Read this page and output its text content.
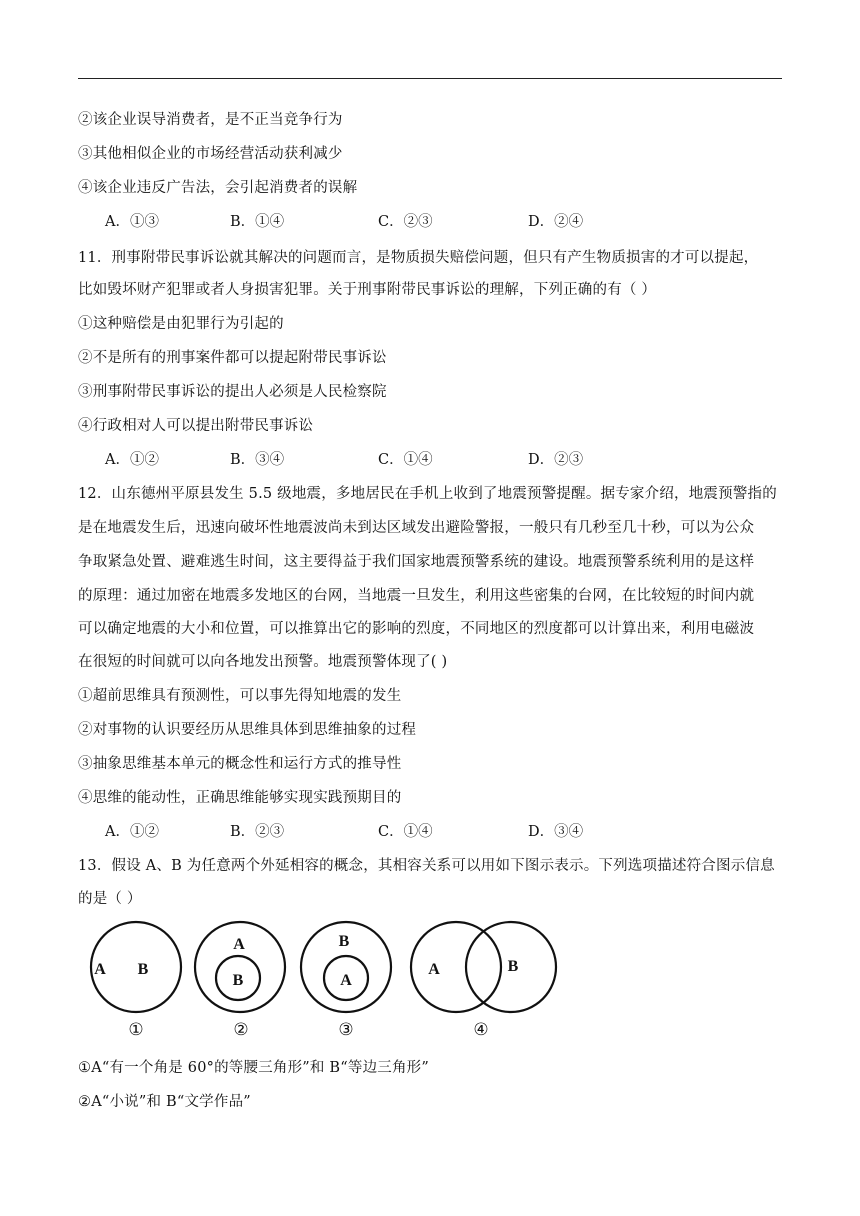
②该企业误导消费者，是不正当竞争行为
③其他相似企业的市场经营活动获利减少
④该企业违反广告法，会引起消费者的误解
A．①③	B．①④	C．②③	D．②④
11．刑事附带民事诉讼就其解决的问题而言，是物质损失赔偿问题，但只有产生物质损害的才可以提起，
比如毁坏财产犯罪或者人身损害犯罪。关于刑事附带民事诉讼的理解，下列正确的有（ ）
①这种赔偿是由犯罪行为引起的
②不是所有的刑事案件都可以提起附带民事诉讼
③刑事附带民事诉讼的提出人必须是人民检察院
④行政相对人可以提出附带民事诉讼
A．①②	B．③④	C．①④	D．②③
12．山东德州平原县发生 5.5 级地震，多地居民在手机上收到了地震预警提醒。据专家介绍，地震预警指的
是在地震发生后，迅速向破坏性地震波尚未到达区域发出避险警报，一般只有几秒至几十秒，可以为公众
争取紧急处置、避难逃生时间，这主要得益于我们国家地震预警系统的建设。地震预警系统利用的是这样
的原理：通过加密在地震多发地区的台网，当地震一旦发生，利用这些密集的台网，在比较短的时间内就
可以确定地震的大小和位置，可以推算出它的影响的烈度，不同地区的烈度都可以计算出来，利用电磁波
在很短的时间就可以向各地发出预警。地震预警体现了( )
①超前思维具有预测性，可以事先得知地震的发生
②对事物的认识要经历从思维具体到思维抽象的过程
③抽象思维基本单元的概念性和运行方式的推导性
④思维的能动性，正确思维能够实现实践预期目的
A．①②	B．②③	C．①④	D．③④
13．假设 A、B 为任意两个外延相容的概念，其相容关系可以用如下图示表示。下列选项描述符合图示信息
的是（ ）
A B
A
B
B
A
A	B
①	②	③	④
①A“有一个角是 60°的等腰三角形”和 B“等边三角形”
②A“小说”和 B“文学作品”
